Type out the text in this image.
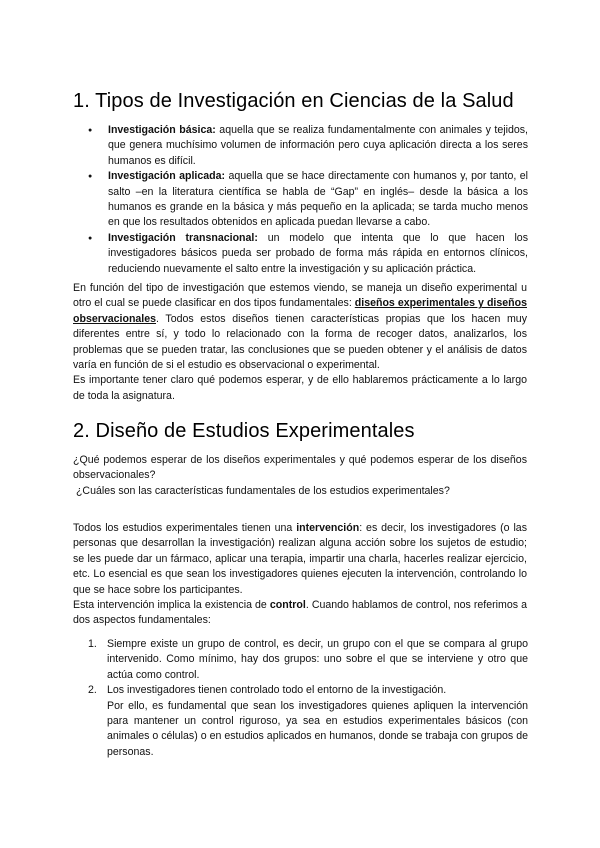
1. Tipos de Investigación en Ciencias de la Salud
● Investigación básica: aquella que se realiza fundamentalmente con animales y tejidos, que genera muchísimo volumen de información pero cuya aplicación directa a los seres humanos es difícil.
● Investigación aplicada: aquella que se hace directamente con humanos y, por tanto, el salto –en la literatura científica se habla de “Gap” en inglés– desde la básica a los humanos es grande en la básica y más pequeño en la aplicada; se tarda mucho menos en que los resultados obtenidos en aplicada puedan llevarse a cabo.
● Investigación transnacional: un modelo que intenta que lo que hacen los investigadores básicos pueda ser probado de forma más rápida en entornos clínicos, reduciendo nuevamente el salto entre la investigación y su aplicación práctica.

En función del tipo de investigación que estemos viendo, se maneja un diseño experimental u otro el cual se puede clasificar en dos tipos fundamentales: diseños experimentales y diseños observacionales. Todos estos diseños tienen características propias que los hacen muy diferentes entre sí, y todo lo relacionado con la forma de recoger datos, analizarlos, los problemas que se pueden tratar, las conclusiones que se pueden obtener y el análisis de datos varía en función de si el estudio es observacional o experimental.

Es importante tener claro qué podemos esperar, y de ello hablaremos prácticamente a lo largo de toda la asignatura.

2. Diseño de Estudios Experimentales

¿Qué podemos esperar de los diseños experimentales y qué podemos esperar de los diseños observacionales?

¿Cuáles son las características fundamentales de los estudios experimentales?

Todos los estudios experimentales tienen una intervención: es decir, los investigadores (o las personas que desarrollan la investigación) realizan alguna acción sobre los sujetos de estudio; se les puede dar un fármaco, aplicar una terapia, impartir una charla, hacerles realizar ejercicio, etc. Lo esencial es que sean los investigadores quienes ejecuten la intervención, controlando lo que se hace sobre los participantes.

Esta intervención implica la existencia de control. Cuando hablamos de control, nos referimos a dos aspectos fundamentales:

1. Siempre existe un grupo de control, es decir, un grupo con el que se compara al grupo intervenido. Como mínimo, hay dos grupos: uno sobre el que se interviene y otro que actúa como control.
2. Los investigadores tienen controlado todo el entorno de la investigación.
Por ello, es fundamental que sean los investigadores quienes apliquen la intervención para mantener un control riguroso, ya sea en estudios experimentales básicos (con animales o células) o en estudios aplicados en humanos, donde se trabaja con grupos de personas.
